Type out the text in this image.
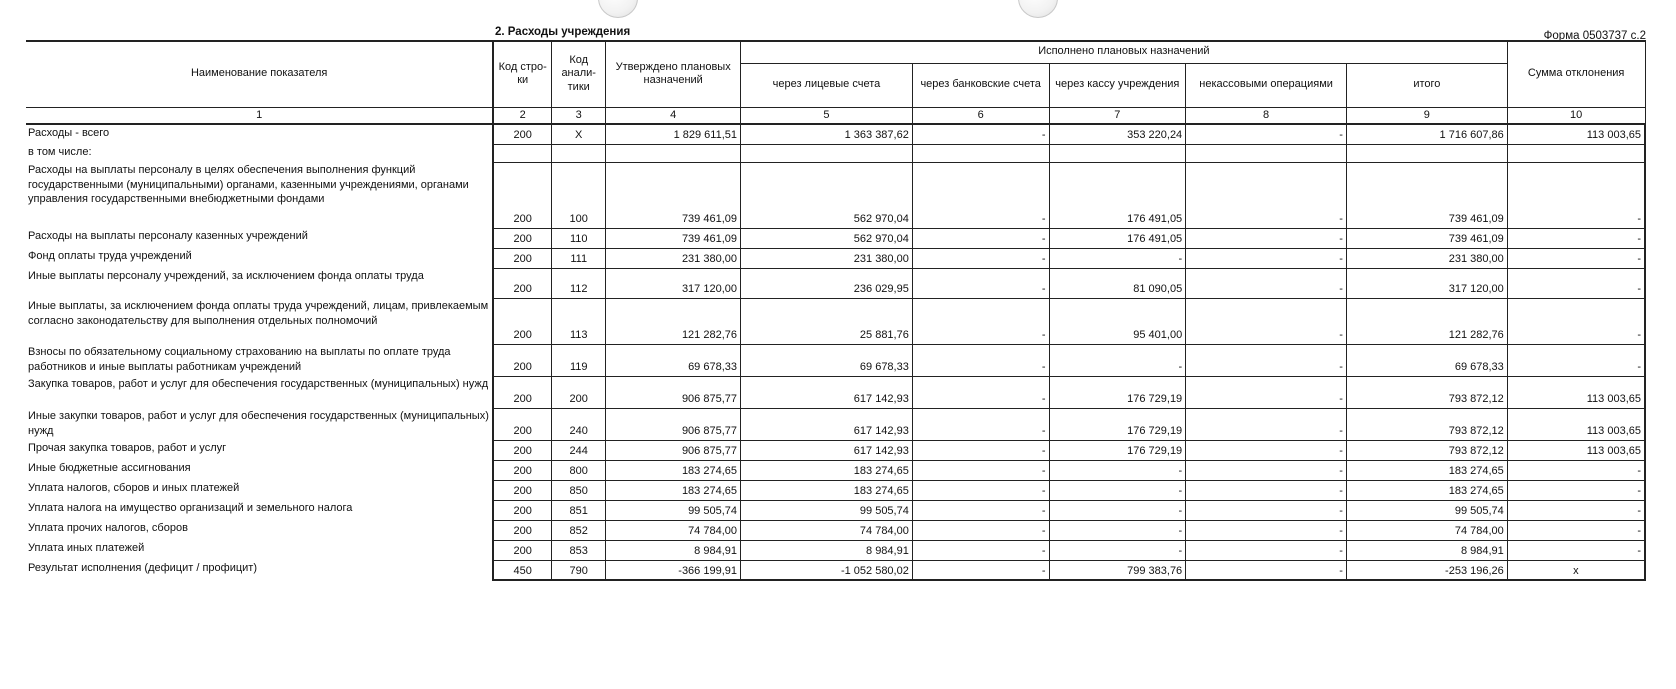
2. Расходы учреждения	Форма 0503737 с.2
Наименование показателя	Код стро-ки	Код анали-тики	Утверждено плановых назначений	Исполнено плановых назначений					Сумма отклонения
				через лицевые счета	через банковские счета	через кассу учреждения	некассовыми операциями	итого	
1	2	3	4	5	6	7	8	9	10
Расходы - всего	200	X	1 829 611,51	1 363 387,62	-	353 220,24	-	1 716 607,86	113 003,65
в том числе:									
Расходы на выплаты персоналу в целях обеспечения выполнения функций государственными (муниципальными) органами, казенными учреждениями, органами управления государственными внебюджетными фондами	200	100	739 461,09	562 970,04	-	176 491,05	-	739 461,09	-
Расходы на выплаты персоналу казенных учреждений	200	110	739 461,09	562 970,04	-	176 491,05	-	739 461,09	-
Фонд оплаты труда учреждений	200	111	231 380,00	231 380,00	-	-	-	231 380,00	-
Иные выплаты персоналу учреждений, за исключением фонда оплаты труда	200	112	317 120,00	236 029,95	-	81 090,05	-	317 120,00	-
Иные выплаты, за исключением фонда оплаты труда учреждений, лицам, привлекаемым согласно законодательству для выполнения отдельных полномочий	200	113	121 282,76	25 881,76	-	95 401,00	-	121 282,76	-
Взносы по обязательному социальному страхованию на выплаты по оплате труда работников и иные выплаты работникам учреждений	200	119	69 678,33	69 678,33	-	-	-	69 678,33	-
Закупка товаров, работ и услуг для обеспечения государственных (муниципальных) нужд	200	200	906 875,77	617 142,93	-	176 729,19	-	793 872,12	113 003,65
Иные закупки товаров, работ и услуг для обеспечения государственных (муниципальных) нужд	200	240	906 875,77	617 142,93	-	176 729,19	-	793 872,12	113 003,65
Прочая закупка товаров, работ и услуг	200	244	906 875,77	617 142,93	-	176 729,19	-	793 872,12	113 003,65
Иные бюджетные ассигнования	200	800	183 274,65	183 274,65	-	-	-	183 274,65	-
Уплата налогов, сборов и иных платежей	200	850	183 274,65	183 274,65	-	-	-	183 274,65	-
Уплата налога на имущество организаций и земельного налога	200	851	99 505,74	99 505,74	-	-	-	99 505,74	-
Уплата прочих налогов, сборов	200	852	74 784,00	74 784,00	-	-	-	74 784,00	-
Уплата иных платежей	200	853	8 984,91	8 984,91	-	-	-	8 984,91	-
Результат исполнения (дефицит / профицит)	450	790	-366 199,91	-1 052 580,02	-	799 383,76	-	-253 196,26	x
